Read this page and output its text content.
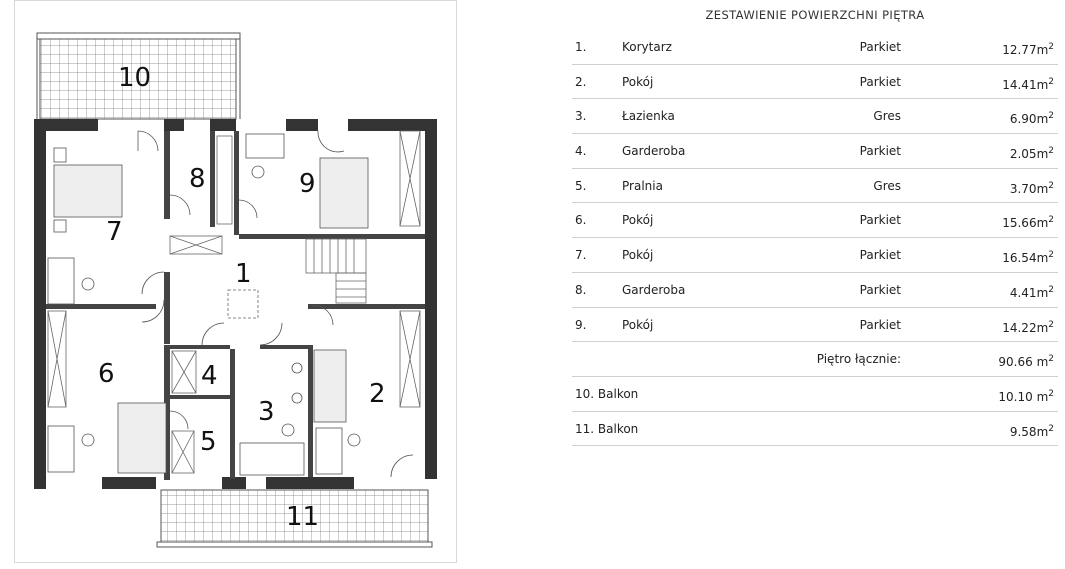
1
2
3
4
5
6
7
8	9
10
11
ZESTAWIENIE POWIERZCHNI PIĘTRA
1.	Korytarz	Parkiet	$12.77m^2$
2.	Pokój	Parkiet	$14.41m^2$
3.	Łazienka	Gres	$6.90m^2$
4.	Garderoba	Parkiet	$2.05m^2$
5.	Pralnia	Gres	$3.70m^2$
6.	Pokój	Parkiet	$15.66m^2$
7.	Pokój	Parkiet	$16.54m^2$
8.	Garderoba	Parkiet	$4.41m^2$
9.	Pokój	Parkiet	$14.22m^2$
Piętro łącznie:	90.66 $m^2$
10. Balkon	10.10 $m^2$
11. Balkon	$9.58m^2$
